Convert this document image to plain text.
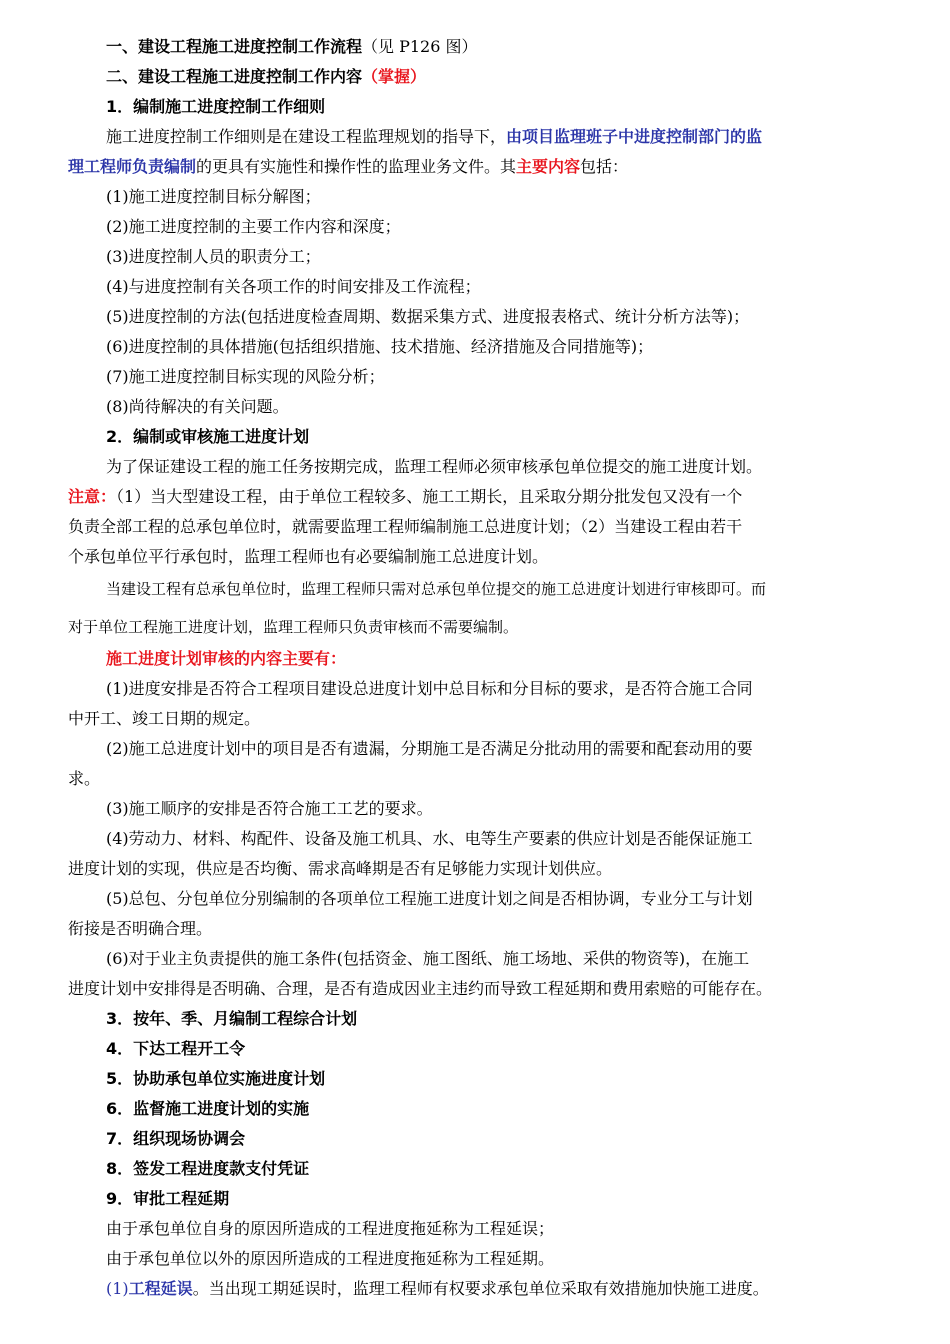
一、建设工程施工进度控制工作流程（见 P126 图）
二、建设工程施工进度控制工作内容（掌握）
1．编制施工进度控制工作细则
施工进度控制工作细则是在建设工程监理规划的指导下，由项目监理班子中进度控制部门的监
理工程师负责编制的更具有实施性和操作性的监理业务文件。其主要内容包括：
(1)施工进度控制目标分解图；
(2)施工进度控制的主要工作内容和深度；
(3)进度控制人员的职责分工；
(4)与进度控制有关各项工作的时间安排及工作流程；
(5)进度控制的方法(包括进度检查周期、数据采集方式、进度报表格式、统计分析方法等)；
(6)进度控制的具体措施(包括组织措施、技术措施、经济措施及合同措施等)；
(7)施工进度控制目标实现的风险分析；
(8)尚待解决的有关问题。
2．编制或审核施工进度计划
为了保证建设工程的施工任务按期完成，监理工程师必须审核承包单位提交的施工进度计划。
注意：（1）当大型建设工程，由于单位工程较多、施工工期长，且采取分期分批发包又没有一个
负责全部工程的总承包单位时，就需要监理工程师编制施工总进度计划；（2）当建设工程由若干
个承包单位平行承包时，监理工程师也有必要编制施工总进度计划。
当建设工程有总承包单位时，监理工程师只需对总承包单位提交的施工总进度计划进行审核即可。而
对于单位工程施工进度计划，监理工程师只负责审核而不需要编制。
施工进度计划审核的内容主要有：
(1)进度安排是否符合工程项目建设总进度计划中总目标和分目标的要求，是否符合施工合同
中开工、竣工日期的规定。
(2)施工总进度计划中的项目是否有遗漏，分期施工是否满足分批动用的需要和配套动用的要
求。
(3)施工顺序的安排是否符合施工工艺的要求。
(4)劳动力、材料、构配件、设备及施工机具、水、电等生产要素的供应计划是否能保证施工
进度计划的实现，供应是否均衡、需求高峰期是否有足够能力实现计划供应。
(5)总包、分包单位分别编制的各项单位工程施工进度计划之间是否相协调，专业分工与计划
衔接是否明确合理。
(6)对于业主负责提供的施工条件(包括资金、施工图纸、施工场地、采供的物资等)，在施工
进度计划中安排得是否明确、合理，是否有造成因业主违约而导致工程延期和费用索赔的可能存在。
3．按年、季、月编制工程综合计划
4．下达工程开工令
5．协助承包单位实施进度计划
6．监督施工进度计划的实施
7．组织现场协调会
8．签发工程进度款支付凭证
9．审批工程延期
由于承包单位自身的原因所造成的工程进度拖延称为工程延误；
由于承包单位以外的原因所造成的工程进度拖延称为工程延期。
(1)工程延误。当出现工期延误时，监理工程师有权要求承包单位采取有效措施加快施工进度。
